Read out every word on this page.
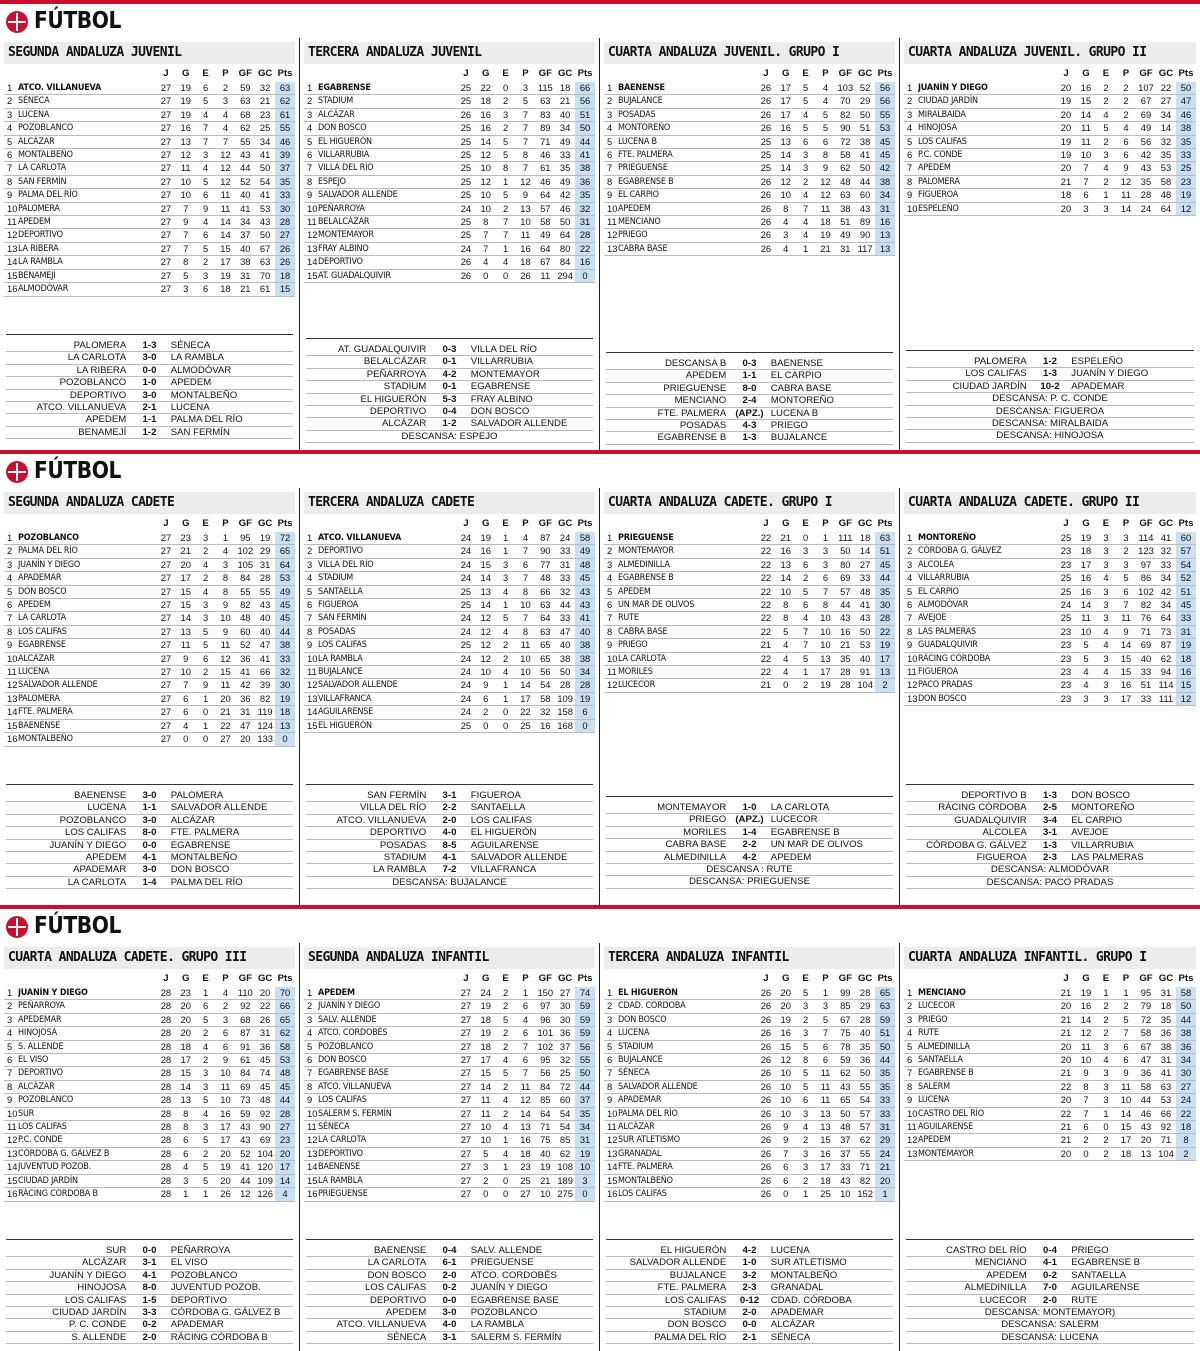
FÚTBOL
SEGUNDA ANDALUZA JUVENIL
		J	G	E	P	GF	GC	Pts
1	ATCO. VILLANUEVA	27	19	6	2	59	32	63
2	SÉNECA	27	19	5	3	63	21	62
3	LUCENA	27	19	4	4	68	23	61
4	POZOBLANCO	27	16	7	4	62	25	55
5	ALCÁZAR	27	13	7	7	55	34	46
6	MONTALBEÑO	27	12	3	12	43	41	39
7	LA CARLOTA	27	11	4	12	44	50	37
8	SAN FERMÍN	27	10	5	12	52	54	35
9	PALMA DEL RÍO	27	10	6	11	40	41	33
10	PALOMERA	27	7	9	11	41	53	30
11	APEDEM	27	9	4	14	34	43	28
12	DEPORTIVO	27	7	6	14	37	50	27
13	LA RIBERA	27	7	5	15	40	67	26
14	LA RAMBLA	27	8	2	17	38	63	26
15	BENAMEJÍ	27	5	3	19	31	70	18
16	ALMODÓVAR	27	3	6	18	21	61	15
PALOMERA	1-3	SÉNECA
LA CARLOTA	3-0	LA RAMBLA
LA RIBERA	0-0	ALMODÓVAR
POZOBLANCO	1-0	APEDEM
DEPORTIVO	3-0	MONTALBEÑO
ATCO. VILLANUEVA	2-1	LUCENA
APEDEM	1-1	PALMA DEL RÍO
BENAMEJÍ	1-2	SAN FERMÍN
TERCERA ANDALUZA JUVENIL
		J	G	E	P	GF	GC	Pts
1	EGABRENSE	25	22	0	3	115	18	66
2	STADIUM	25	18	2	5	63	21	56
3	ALCÁZAR	26	16	3	7	83	40	51
4	DON BOSCO	25	16	2	7	89	34	50
5	EL HIGUERÓN	25	14	5	7	71	49	44
6	VILLARRUBIA	25	12	5	8	46	33	41
7	VILLA DEL RÍO	25	10	8	7	61	35	38
8	ESPEJO	25	12	1	12	46	49	36
9	SALVADOR ALLENDE	25	10	5	9	64	42	35
10	PEÑARROYA	24	10	2	13	57	46	32
11	BELALCÁZAR	25	8	7	10	58	50	31
12	MONTEMAYOR	25	7	7	11	49	64	28
13	FRAY ALBINO	24	7	1	16	64	80	22
14	DEPORTIVO	26	4	4	18	67	84	16
15	AT. GUADALQUIVIR	26	0	0	26	11	294	0
AT. GUADALQUIVIR	0-3	VILLA DEL RÍO
BELALCÁZAR	0-1	VILLARRUBIA
PEÑARROYA	4-2	MONTEMAYOR
STADIUM	0-1	EGABRENSE
EL HIGUERÓN	5-3	FRAY ALBINO
DEPORTIVO	0-4	DON BOSCO
ALCÁZAR	1-2	SALVADOR ALLENDE
DESCANSA: ESPEJO
CUARTA ANDALUZA JUVENIL. GRUPO I
		J	G	E	P	GF	GC	Pts
1	BAENENSE	26	17	5	4	103	52	56
2	BUJALANCE	26	17	5	4	70	29	56
3	POSADAS	26	17	4	5	82	50	55
4	MONTOREÑO	26	16	5	5	90	51	53
5	LUCENA B	25	13	6	6	72	38	45
6	FTE. PALMERA	25	14	3	8	58	41	45
7	PRIEGUENSE	25	14	3	9	62	50	42
8	EGABRENSE B	26	12	2	12	48	44	38
9	EL CARPIO	26	10	4	12	63	60	34
10	APEDEM	26	8	7	11	38	43	31
11	MENCIANO	26	4	4	18	51	89	16
12	PRIEGO	26	3	4	19	49	90	13
13	CABRA BASE	26	4	1	21	31	117	13
DESCANSA B	0-3	BAENENSE
APEDEM	1-1	EL CARPIO
PRIEGUENSE	8-0	CABRA BASE
MENCIANO	2-4	MONTOREÑO
FTE. PALMERA (APZ.) LUCENA B
POSADAS	4-3	PRIEGO
EGABRENSE B	1-3	BUJALANCE
CUARTA ANDALUZA JUVENIL. GRUPO II
		J	G	E	P	GF	GC	Pts
1	JUANÍN Y DIEGO	20	16	2	2	107	22	50
2	CIUDAD JARDÍN	19	15	2	2	67	27	47
3	MIRALBAIDA	20	14	4	2	69	34	46
4	HINOJOSA	20	11	5	4	49	14	38
5	LOS CALIFAS	19	11	2	6	56	32	35
6	P.C. CONDE	19	10	3	6	42	35	33
7	APEDEM	20	7	4	9	43	53	25
8	PALOMERA	21	7	2	12	35	58	23
9	FIGUEROA	18	6	1	11	28	48	19
10	ESPELEÑO	20	3	3	14	24	64	12
PALOMERA	1-2	ESPELEÑO
LOS CALIFAS	1-3	JUANÍN Y DIEGO
CIUDAD JARDÍN	10-2	APADEMAR
DESCANSA: P. C. CONDE
DESCANSA: FIGUEROA
DESCANSA: MIRALBAIDA
DESCANSA: HINOJOSA
FÚTBOL
SEGUNDA ANDALUZA CADETE
		J	G	E	P	GF	GC	Pts
1	POZOBLANCO	27	23	3	1	95	19	72
2	PALMA DEL RÍO	27	21	2	4	102	29	65
3	JUANÍN Y DIEGO	27	20	4	3	105	31	64
4	APADEMAR	27	17	2	8	84	28	53
5	DON BOSCO	27	15	4	8	55	55	49
6	APEDEM	27	15	3	9	82	43	45
7	LA CARLOTA	27	14	3	10	48	40	45
8	LOS CALIFAS	27	13	5	9	60	40	44
9	EGABRENSE	27	11	5	11	52	47	38
10	ALCÁZAR	27	9	6	12	36	41	33
11	LUCENA	27	10	2	15	41	66	32
12	SALVADOR ALLENDE	27	7	9	11	42	39	30
13	PALOMERA	27	6	1	20	36	82	19
14	FTE. PALMERA	27	6	0	21	31	119	18
15	BAENENSE	27	4	1	22	47	124	13
16	MONTALBEÑO	27	0	0	27	20	133	0
BAENENSE	3-0	PALOMERA
LUCENA	1-1	SALVADOR ALLENDE
POZOBLANCO	3-0	ALCÁZAR
LOS CALIFAS	8-0	FTE. PALMERA
JUANÍN Y DIEGO	0-0	EGABRENSE
APEDEM	4-1	MONTALBEÑO
APADEMAR	3-0	DON BOSCO
LA CARLOTA	1-4	PALMA DEL RÍO
TERCERA ANDALUZA CADETE
		J	G	E	P	GF	GC	Pts
1	ATCO. VILLANUEVA	24	19	1	4	87	24	58
2	DEPORTIVO	24	16	1	7	90	33	49
3	VILLA DEL RÍO	24	15	3	6	77	31	48
4	STADIUM	24	14	3	7	48	33	45
5	SANTAELLA	25	13	4	8	66	32	43
6	FIGUEROA	25	14	1	10	63	44	43
7	SAN FERMÍN	24	12	5	7	64	33	41
8	POSADAS	24	12	4	8	63	47	40
9	LOS CALIFAS	25	12	2	11	65	40	38
10	LA RAMBLA	24	12	2	10	65	38	38
11	BUJALANCE	24	10	4	10	56	50	34
12	SALVADOR ALLENDE	24	9	1	14	54	28	28
13	VILLAFRANCA	24	6	1	17	58	109	19
14	AGUILARENSE	24	2	0	22	32	158	6
15	EL HIGUERÓN	25	0	0	25	16	168	0
SAN FERMÍN	3-1	FIGUEROA
VILLA DEL RÍO	2-2	SANTAELLA
ATCO. VILLANUEVA	2-0	LOS CALIFAS
DEPORTIVO	4-0	EL HIGUERÓN
POSADAS	8-5	AGUILARENSE
STADIUM	4-1	SALVADOR ALLENDE
LA RAMBLA	7-2	VILLAFRANCA
DESCANSA: BUJALANCE
CUARTA ANDALUZA CADETE. GRUPO I
		J	G	E	P	GF	GC	Pts
1	PRIEGUENSE	22	21	0	1	111	18	63
2	MONTEMAYOR	22	16	3	3	50	14	51
3	ALMEDINILLA	22	13	6	3	80	27	45
4	EGABRENSE B	22	14	2	6	69	33	44
5	APEDEM	22	10	5	7	57	48	35
6	UN MAR DE OLIVOS	22	8	6	8	44	41	30
7	RUTE	22	8	4	10	43	43	28
8	CABRA BASE	22	5	7	10	16	50	22
9	PRIEGO	21	4	7	10	21	53	19
10	LA CARLOTA	22	4	5	13	35	40	17
11	MORILES	22	4	1	17	28	91	13
12	LUCECOR	21	0	2	19	28	104	2
MONTEMAYOR	1-0	LA CARLOTA
PRIEGO (APZ.) LUCECOR
MORILES	1-4	EGABRENSE B
CABRA BASE	2-2	UN MAR DE OLIVOS
ALMEDINILLA	4-2	APEDEM
DESCANSA : RUTE
DESCANSA: PRIEGUENSE
CUARTA ANDALUZA CADETE. GRUPO II
		J	G	E	P	GF	GC	Pts
1	MONTOREÑO	25	19	3	3	114	41	60
2	CÓRDOBA G. GÁLVEZ	23	18	3	2	123	32	57
3	ALCOLEA	23	17	3	3	97	33	54
4	VILLARRUBIA	25	16	4	5	86	34	52
5	EL CARPIO	25	16	3	6	102	42	51
6	ALMODÓVAR	24	14	3	7	82	34	45
7	AVEJOE	25	11	3	11	76	64	33
8	LAS PALMERAS	23	10	4	9	71	73	31
9	GUADALQUIVIR	23	5	4	14	69	87	19
10	RÁCING CÓRDOBA	23	5	3	15	40	62	18
11	FIGUEROA	23	4	4	15	33	94	16
12	PACO PRADAS	23	4	3	16	51	114	15
13	DON BOSCO	23	3	3	17	33	111	12
DEPORTIVO B	1-3	DON BOSCO
RÁCING CÓRDOBA	2-5	MONTOREÑO
GUADALQUIVIR	3-4	EL CARPIO
ALCOLEA	3-1	AVEJOE
CÓRDOBA G. GÁLVEZ	1-3	VILLARRUBIA
FIGUEROA	2-3	LAS PALMERAS
DESCANSA: ALMODÓVAR
DESCANSA: PACO PRADAS
FÚTBOL
CUARTA ANDALUZA CADETE. GRUPO III
		J	G	E	P	GF	GC	Pts
1	JUANÍN Y DIEGO	28	23	1	4	110	20	70
2	PEÑARROYA	28	20	6	2	92	22	66
3	APEDEMAR	28	20	5	3	68	26	65
4	HINOJOSA	28	20	2	6	87	31	62
5	S. ALLENDE	28	18	4	6	91	36	58
6	EL VISO	28	17	2	9	61	45	53
7	DEPORTIVO	28	15	3	10	84	74	48
8	ALCÁZAR	28	14	3	11	69	45	45
9	POZOBLANCO	28	13	5	10	73	48	44
10	SUR	28	8	4	16	59	92	28
11	LOS CALIFAS	28	8	3	17	43	90	27
12	P.C. CONDE	28	6	5	17	43	69	23
13	CÓRDOBA G. GÁLVEZ B	28	6	2	20	52	104	20
14	JUVENTUD POZOB.	28	4	5	19	41	120	17
15	CIUDAD JARDÍN	28	3	5	20	44	109	14
16	RÁCING CÓRDOBA B	28	1	1	26	12	126	4
SUR	0-0	PEÑARROYA
ALCÁZAR	3-1	EL VISO
JUANÍN Y DIEGO	4-1	POZOBLANCO
HINOJOSA	8-0	JUVENTUD POZOB.
LOS CALIFAS	1-5	DEPORTIVO
CIUDAD JARDÍN	3-3	CÓRDOBA G. GÁLVEZ B
P. C. CONDE	0-2	APADEMAR
S. ALLENDE	2-0	RÁCING CÓRDOBA B
SEGUNDA ANDALUZA INFANTIL
		J	G	E	P	GF	GC	Pts
1	APEDEM	27	24	2	1	150	27	74
2	JUANÍN Y DIEGO	27	19	2	6	97	30	59
3	SALV. ALLENDE	27	18	5	4	96	30	59
4	ATCO. CORDOBÉS	27	19	2	6	101	36	59
5	POZOBLANCO	27	18	2	7	102	37	56
6	DON BOSCO	27	17	4	6	95	32	55
7	EGABRENSE BASE	27	15	5	7	56	25	50
8	ATCO. VILLANUEVA	27	14	2	11	84	72	44
9	LOS CALIFAS	27	11	4	12	85	60	37
10	SALERM S. FERMÍN	27	11	2	14	64	54	35
11	SÉNECA	27	10	4	13	71	54	34
12	LA CARLOTA	27	10	1	16	75	85	31
13	DEPORTIVO	27	5	4	18	40	62	19
14	BAENENSE	27	3	1	23	19	108	10
15	LA RAMBLA	27	2	0	25	21	189	3
16	PRIEGUENSE	27	0	0	27	10	275	0
BAENENSE	0-4	SALV. ALLENDE
LA CARLOTA	6-1	PRIEGUENSE
DON BOSCO	2-0	ATCO. CORDOBÉS
LOS CALIFAS	0-2	JUANÍN Y DIEGO
DEPORTIVO	0-0	EGABRENSE BASE
APEDEM	3-0	POZOBLANCO
ATCO. VILLANUEVA	4-0	LA RAMBLA
SÉNECA	3-1	SALERM S. FERMÍN
TERCERA ANDALUZA INFANTIL
		J	G	E	P	GF	GC	Pts
1	EL HIGUERÓN	26	20	5	1	99	28	65
2	CDAD. CÓRDOBA	26	20	3	3	85	29	63
3	DON BOSCO	26	19	2	5	67	28	59
4	LUCENA	26	16	3	7	75	40	51
5	STADIUM	26	15	5	6	78	35	50
6	BUJALANCE	26	12	8	6	59	36	44
7	SÉNECA	26	10	5	11	62	50	35
8	SALVADOR ALLENDE	26	10	5	11	43	55	35
9	APADEMAR	26	10	6	11	65	54	33
10	PALMA DEL RÍO	26	10	3	13	50	57	33
11	ALCÁZAR	26	9	4	13	48	57	31
12	SUR ATLETISMO	26	9	2	15	37	62	29
13	GRANADAL	26	7	3	16	37	55	24
14	FTE. PALMERA	26	6	3	17	33	71	21
15	MONTALBEÑO	26	6	2	18	43	82	20
16	LOS CALIFAS	26	0	1	25	10	152	1
EL HIGUERÓN	4-2	LUCENA
SALVADOR ALLENDE	1-0	SUR ATLETISMO
BUJALANCE	3-2	MONTALBEÑO
FTE. PALMERA	2-3	GRANADAL
LOS CALIFAS	0-12	CDAD. CÓRDOBA
STADIUM	2-0	APADEMAR
DON BOSCO	0-0	ALCÁZAR
PALMA DEL RÍO	2-1	SÉNECA
CUARTA ANDALUZA INFANTIL. GRUPO I
		J	G	E	P	GF	GC	Pts
1	MENCIANO	21	19	1	1	95	31	58
2	LUCECOR	20	16	2	2	79	18	50
3	PRIEGO	21	14	2	5	72	35	44
4	RUTE	21	12	2	7	58	36	38
5	ALMEDINILLA	20	11	3	6	67	38	36
6	SANTAELLA	20	10	4	6	47	31	34
7	EGABRENSE B	21	9	3	9	36	41	30
8	SALERM	22	8	3	11	58	63	27
9	LUCENA	20	7	3	10	44	53	24
10	CASTRO DEL RÍO	22	7	1	14	46	66	22
11	AGUILARENSE	21	6	0	15	43	92	18
12	APEDEM	21	2	2	17	20	71	8
13	MONTEMAYOR	20	0	2	18	13	104	2
CASTRO DEL RÍO	0-4	PRIEGO
MENCIANO	4-1	EGABRENSE B
APEDEM	0-2	SANTAELLA
ALMEDINILLA	7-0	AGUILARENSE
LUCECOR	2-0	RUTE
DESCANSA: MONTEMAYOR)
DESCANSA: SALERM
DESCANSA: LUCENA
